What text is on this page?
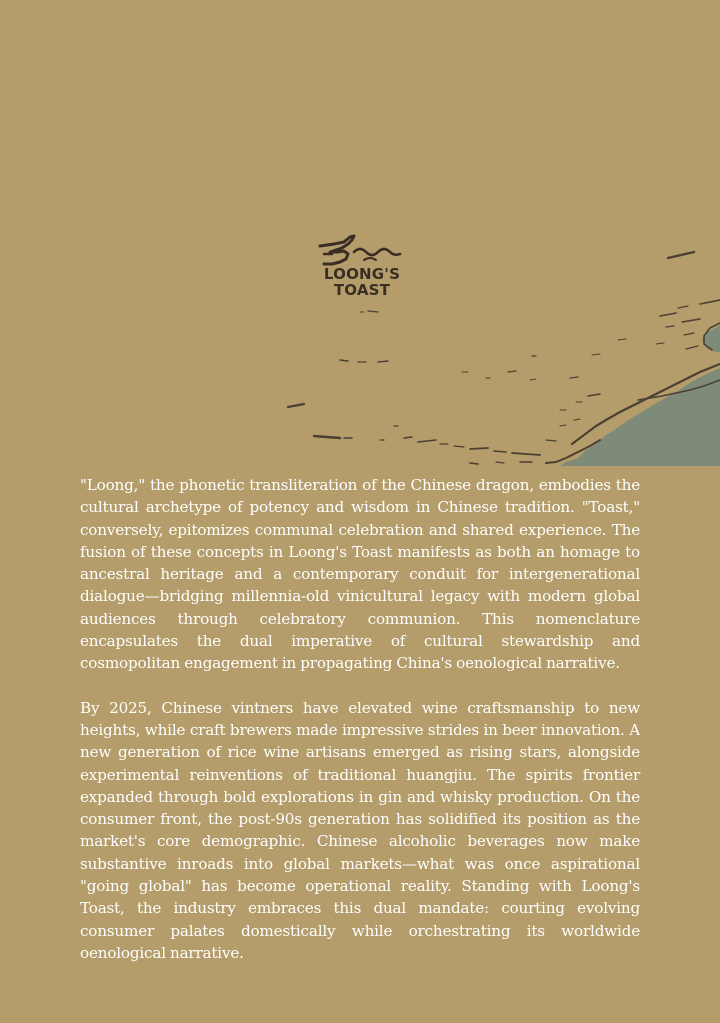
LOONG'S
TOAST

"Loong," the phonetic transliteration of the Chinese dragon, embodies the cultural archetype of potency and wisdom in Chinese tradition. "Toast," conversely, epitomizes communal celebration and shared experience. The fusion of these concepts in Loong's Toast manifests as both an homage to ancestral heritage and a contemporary conduit for intergenerational dialogue—bridging millennia-old vinicultural legacy with modern global audiences through celebratory communion. This nomenclature encapsulates the dual imperative of cultural stewardship and cosmopolitan engagement in propagating China's oenological narrative.

By 2025, Chinese vintners have elevated wine craftsmanship to new heights, while craft brewers made impressive strides in beer innovation. A new generation of rice wine artisans emerged as rising stars, alongside experimental reinventions of traditional huangjiu. The spirits frontier expanded through bold explorations in gin and whisky production. On the consumer front, the post-90s generation has solidified its position as the market's core demographic. Chinese alcoholic beverages now make substantive inroads into global markets—what was once aspirational "going global" has become operational reality. Standing with Loong's Toast, the industry embraces this dual mandate: courting evolving consumer palates domestically while orchestrating its worldwide oenological narrative.
